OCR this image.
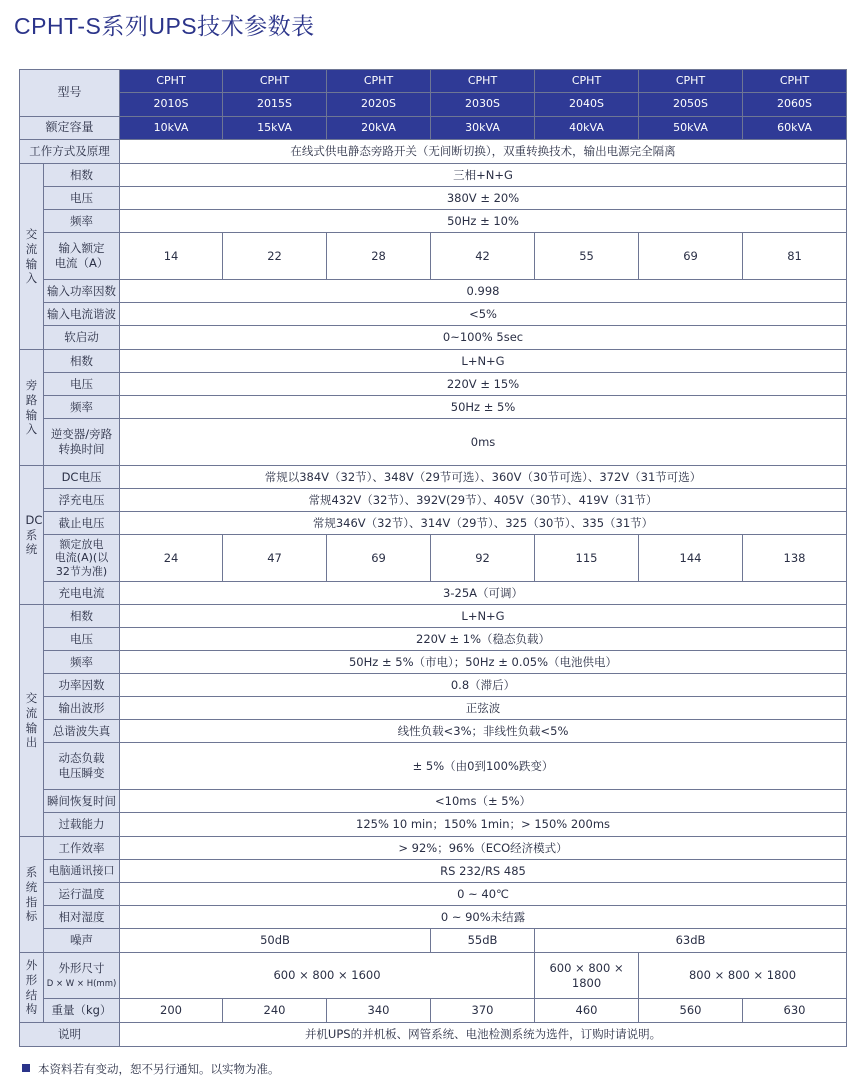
CPHT-S系列UPS技术参数表
型号		CPHT	CPHT	CPHT	CPHT	CPHT	CPHT	CPHT
		2010S	2015S	2020S	2030S	2040S	2050S	2060S
额定容量		10kVA	15kVA	20kVA	30kVA	40kVA	50kVA	60kVA
工作方式及原理		在线式供电静态旁路开关（无间断切换），双重转换技术，输出电源完全隔离						

交
流
输
入	相数	三相+N+G						
	电压	380V ± 20%						
	频率	50Hz ± 10%						
	输入额定
电流（A）	14	22	28	42	55	69	81
	输入功率因数	0.998						
	输入电流谐波	<5%						
	软启动	0~100% 5sec						

旁
路
输
入	相数	L+N+G						
	电压	220V ± 15%						
	频率	50Hz ± 5%						
	逆变器/旁路
转换时间	0ms						

DC
系
统	DC电压	常规以384V（32节）、348V（29节可选）、360V（30节可选）、372V（31节可选）						
	浮充电压	常规432V（32节）、392V(29节）、405V（30节）、419V（31节）						
	截止电压	常规346V（32节）、314V（29节）、325（30节）、335（31节）						
	额定放电
电流(A)(以
32节为准)	24	47	69	92	115	144	138
	充电电流	3-25A（可调）						

交
流
输
出	相数	L+N+G						
	电压	220V ± 1%（稳态负载）						
	频率	50Hz ± 5%（市电）；50Hz ± 0.05%（电池供电）						
	功率因数	0.8（滞后）						
	输出波形	正弦波						
	总谐波失真	线性负载<3%；非线性负载<5%						
	动态负载
电压瞬变	± 5%（由0到100%跌变）						
	瞬间恢复时间	<10ms（± 5%）						
	过载能力	125% 10 min；150% 1min；> 150% 200ms						

系
统
指
标	工作效率	> 92%；96%（ECO经济模式）						
	电脑通讯接口	RS 232/RS 485						
	运行温度	0 ~ 40℃						
	相对湿度	0 ~ 90%未结露						
	噪声	50dB			55dB	63dB		

外
形
结
构	外形尺寸
D × W × H(mm)	600 × 800 × 1600				600 × 800 × 1800	800 × 800 × 1800	
	重量（kg）	200	240	340	370	460	560	630
说明		并机UPS的并机板、网管系统、电池检测系统为选件，订购时请说明。						
本资料若有变动，恕不另行通知。以实物为准。
